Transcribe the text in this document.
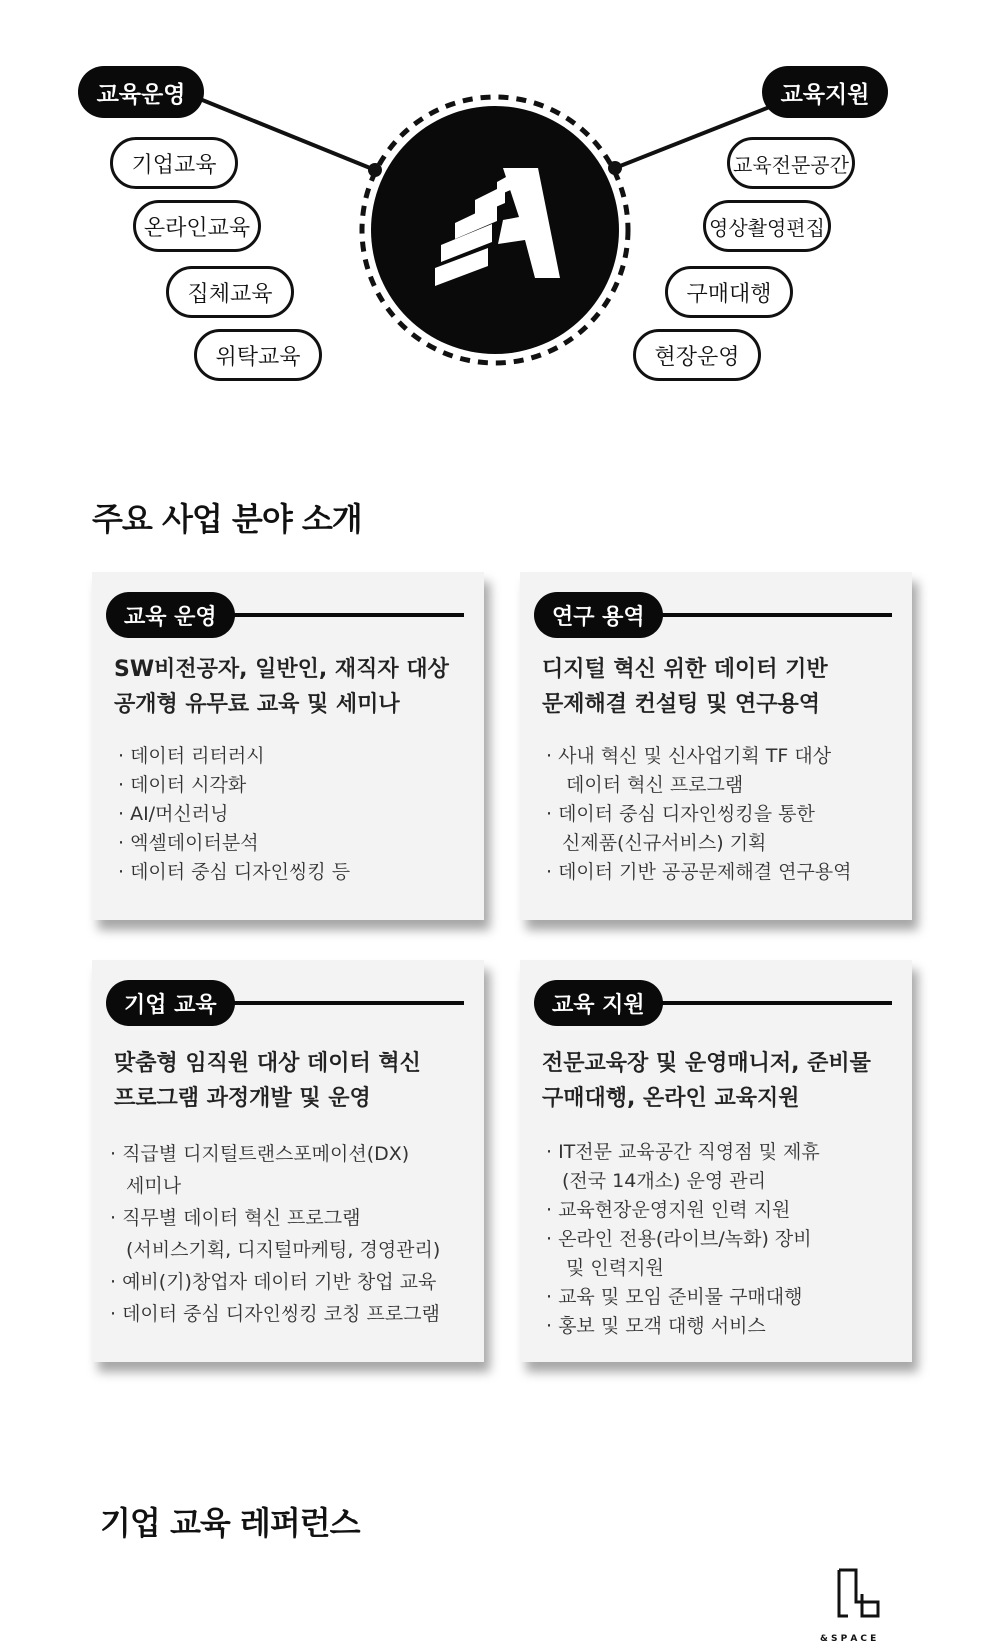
교육운영
기업교육
온라인교육
집체교육
위탁교육
교육지원
교육전문공간
영상촬영편집
구매대행
현장운영
주요 사업 분야 소개
교육 운영
SW비전공자, 일반인, 재직자 대상
공개형 유무료 교육 및 세미나
· 데이터 리터러시
· 데이터 시각화
· AI/머신러닝
· 엑셀데이터분석
· 데이터 중심 디자인씽킹 등
연구 용역
디지털 혁신 위한 데이터 기반
문제해결 컨설팅 및 연구용역
· 사내 혁신 및 신사업기획 TF 대상
데이터 혁신 프로그램
· 데이터 중심 디자인씽킹을 통한
신제품(신규서비스) 기획
· 데이터 기반 공공문제해결 연구용역
기업 교육
맞춤형 임직원 대상 데이터 혁신
프로그램 과정개발 및 운영
· 직급별 디지털트랜스포메이션(DX)
세미나
· 직무별 데이터 혁신 프로그램
(서비스기획, 디지털마케팅, 경영관리)
· 예비(기)창업자 데이터 기반 창업 교육
· 데이터 중심 디자인씽킹 코칭 프로그램
교육 지원
전문교육장 및 운영매니저, 준비물
구매대행, 온라인 교육지원
· IT전문 교육공간 직영점 및 제휴
(전국 14개소) 운영 관리
· 교육현장운영지원 인력 지원
· 온라인 전용(라이브/녹화) 장비
및 인력지원
· 교육 및 모임 준비물 구매대행
· 홍보 및 모객 대행 서비스
& S P A C E
기업 교육 레퍼런스
